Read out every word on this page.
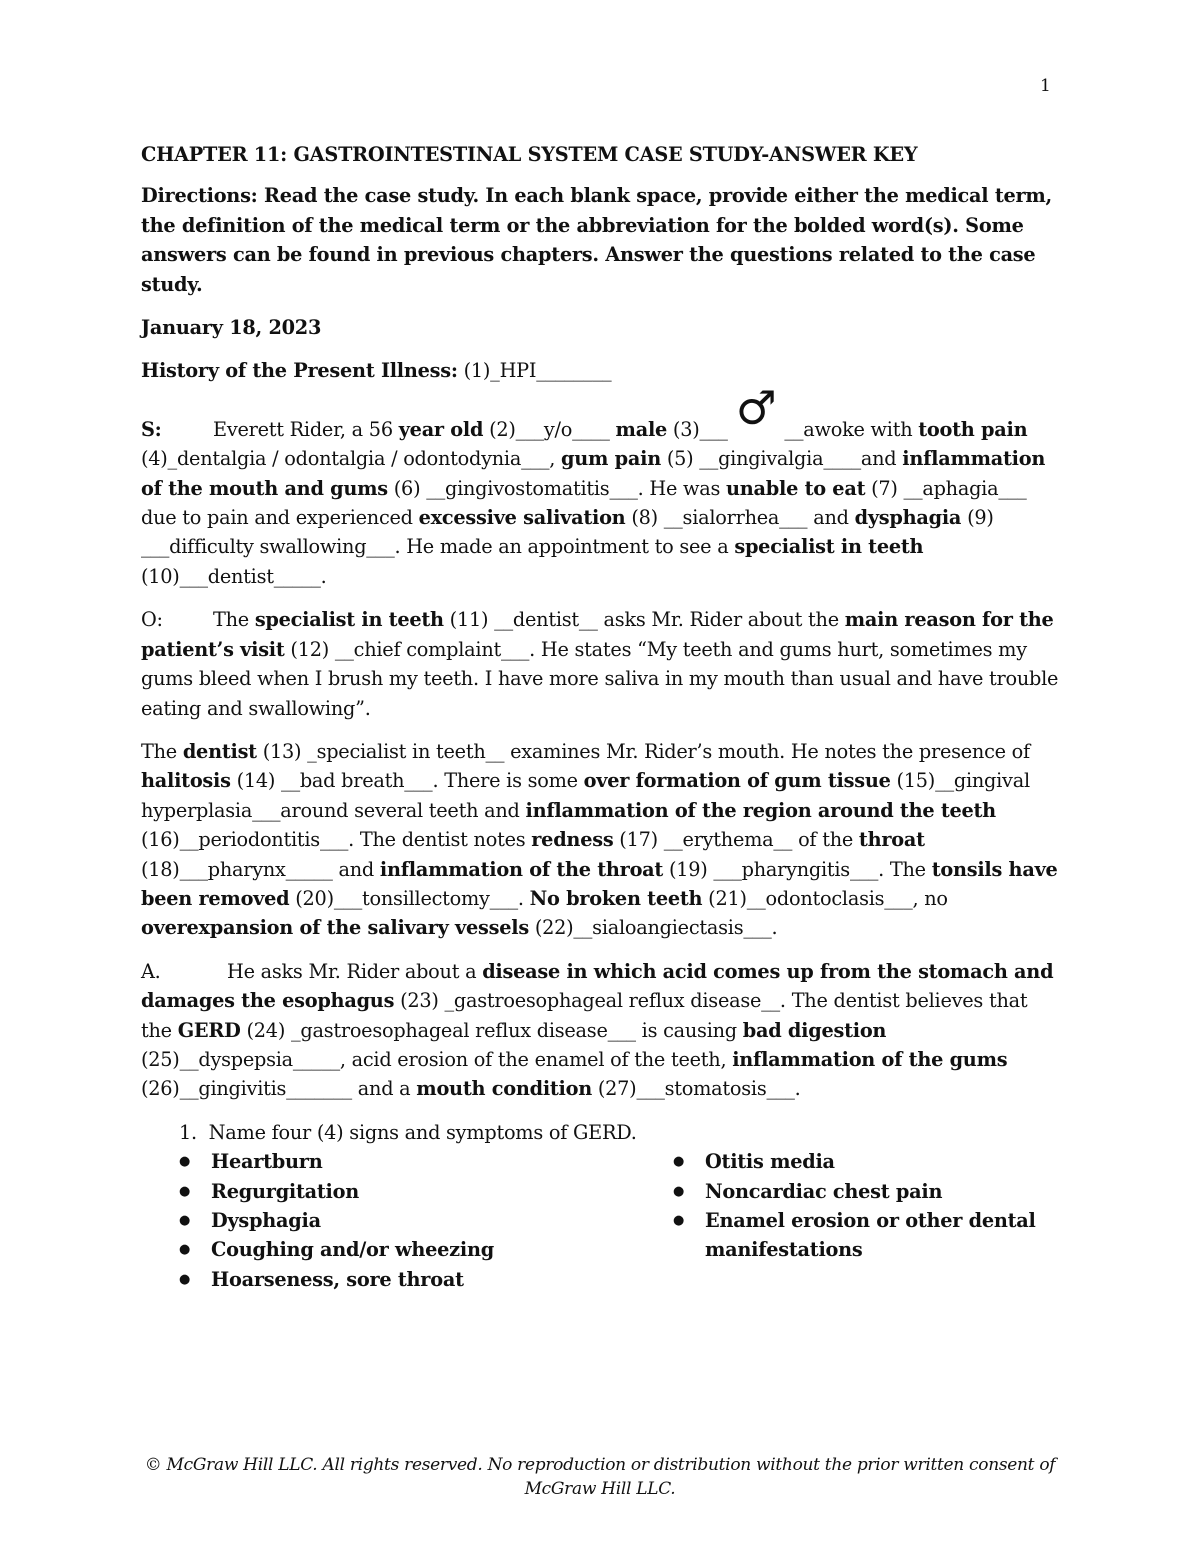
1

CHAPTER 11: GASTROINTESTINAL SYSTEM CASE STUDY-ANSWER KEY

Directions: Read the case study. In each blank space, provide either the medical term, the definition of the medical term or the abbreviation for the bolded word(s). Some answers can be found in previous chapters. Answer the questions related to the case study.

January 18, 2023

History of the Present Illness: (1)_HPI________

S:	Everett Rider, a 56 year old (2)___y/o____ male (3)___ ♂ __awoke with tooth pain (4)_dentalgia / odontalgia / odontodynia___, gum pain (5) __gingivalgia____and inflammation of the mouth and gums (6) __gingivostomatitis___. He was unable to eat (7) __aphagia___ due to pain and experienced excessive salivation (8) __sialorrhea___ and dysphagia (9) ___difficulty swallowing___. He made an appointment to see a specialist in teeth (10)___dentist_____.

O:	The specialist in teeth (11) __dentist__ asks Mr. Rider about the main reason for the patient’s visit (12) __chief complaint___. He states “My teeth and gums hurt, sometimes my gums bleed when I brush my teeth. I have more saliva in my mouth than usual and have trouble eating and swallowing”.

The dentist (13) _specialist in teeth__ examines Mr. Rider’s mouth. He notes the presence of halitosis (14) __bad breath___. There is some over formation of gum tissue (15)__gingival hyperplasia___around several teeth and inflammation of the region around the teeth (16)__periodontitis___. The dentist notes redness (17) __erythema__ of the throat (18)___pharynx_____ and inflammation of the throat (19) ___pharyngitis___. The tonsils have been removed (20)___tonsillectomy___. No broken teeth (21)__odontoclasis___, no overexpansion of the salivary vessels (22)__sialoangiectasis___.

A.	He asks Mr. Rider about a disease in which acid comes up from the stomach and damages the esophagus (23) _gastroesophageal reflux disease__. The dentist believes that the GERD (24) _gastroesophageal reflux disease___ is causing bad digestion (25)__dyspepsia_____, acid erosion of the enamel of the teeth, inflammation of the gums (26)__gingivitis_______ and a mouth condition (27)___stomatosis___.

1. Name four (4) signs and symptoms of GERD.

● Heartburn
● Regurgitation
● Dysphagia
● Coughing and/or wheezing
● Hoarseness, sore throat
● Otitis media
● Noncardiac chest pain
● Enamel erosion or other dental manifestations
© McGraw Hill LLC. All rights reserved. No reproduction or distribution without the prior written consent of
McGraw Hill LLC.
